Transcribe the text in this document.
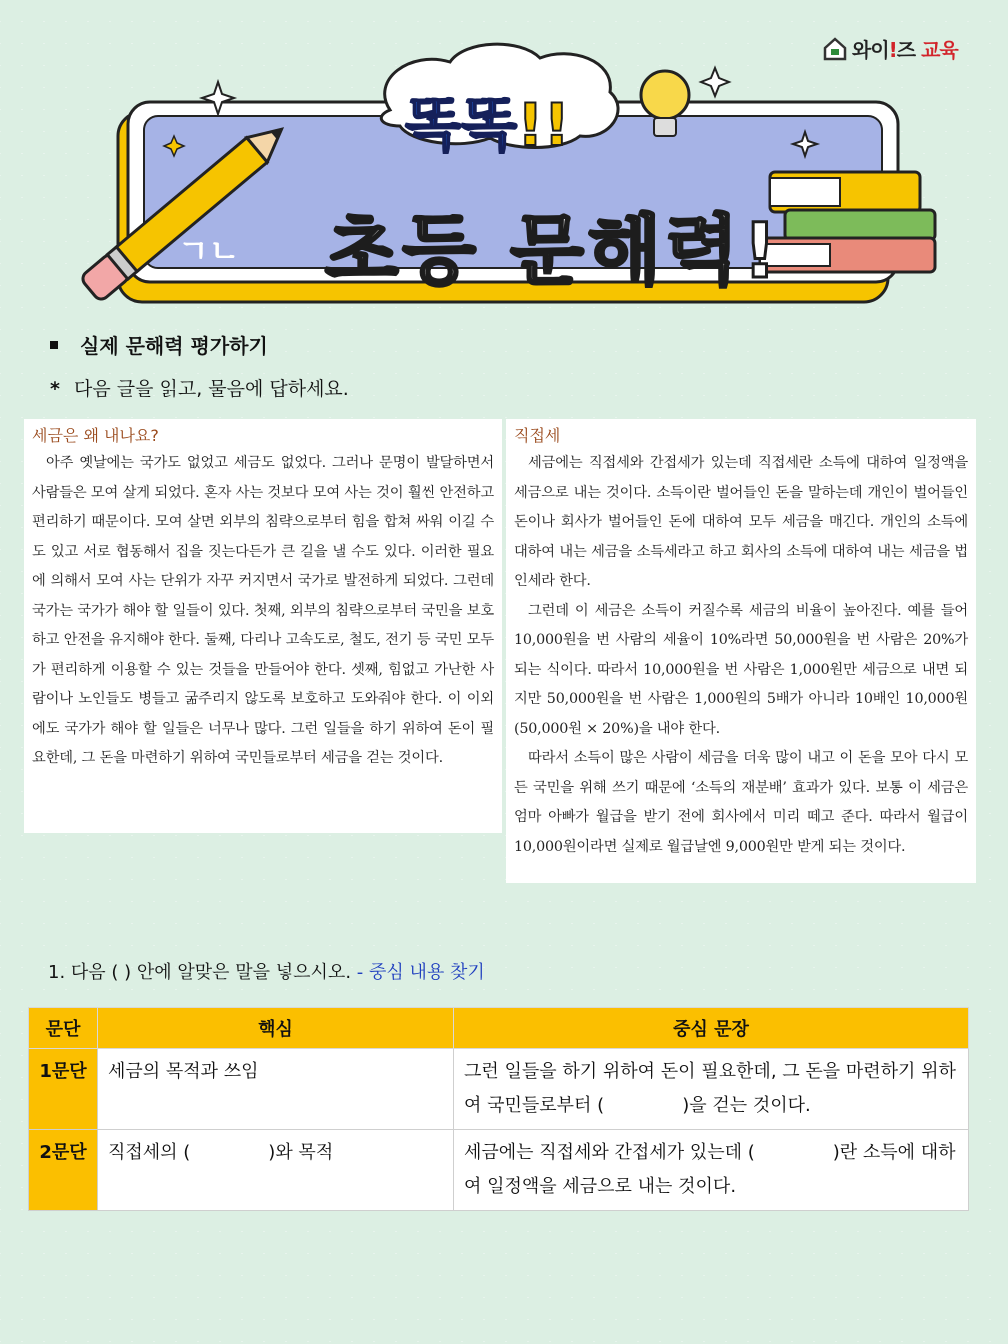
와이!즈 교육
똑똑!!
ㄱㄴ 초등 문해력!
실제 문해력 평가하기
* 다음 글을 읽고, 물음에 답하세요.
세금은 왜 내나요?

아주 옛날에는 국가도 없었고 세금도 없었다. 그러나 문명이 발달하면서 사람들은 모여 살게 되었다. 혼자 사는 것보다 모여 사는 것이 훨씬 안전하고 편리하기 때문이다. 모여 살면 외부의 침략으로부터 힘을 합쳐 싸워 이길 수도 있고 서로 협동해서 집을 짓는다든가 큰 길을 낼 수도 있다. 이러한 필요에 의해서 모여 사는 단위가 자꾸 커지면서 국가로 발전하게 되었다. 그런데 국가는 국가가 해야 할 일들이 있다. 첫째, 외부의 침략으로부터 국민을 보호하고 안전을 유지해야 한다. 둘째, 다리나 고속도로, 철도, 전기 등 국민 모두가 편리하게 이용할 수 있는 것들을 만들어야 한다. 셋째, 힘없고 가난한 사람이나 노인들도 병들고 굶주리지 않도록 보호하고 도와줘야 한다. 이 이외에도 국가가 해야 할 일들은 너무나 많다. 그런 일들을 하기 위하여 돈이 필요한데, 그 돈을 마련하기 위하여 국민들로부터 세금을 걷는 것이다.

직접세

세금에는 직접세와 간접세가 있는데 직접세란 소득에 대하여 일정액을 세금으로 내는 것이다. 소득이란 벌어들인 돈을 말하는데 개인이 벌어들인 돈이나 회사가 벌어들인 돈에 대하여 모두 세금을 매긴다. 개인의 소득에 대하여 내는 세금을 소득세라고 하고 회사의 소득에 대하여 내는 세금을 법인세라 한다.

그런데 이 세금은 소득이 커질수록 세금의 비율이 높아진다. 예를 들어 10,000원을 번 사람의 세율이 10%라면 50,000원을 번 사람은 20%가 되는 식이다. 따라서 10,000원을 번 사람은 1,000원만 세금으로 내면 되지만 50,000원을 번 사람은 1,000원의 5배가 아니라 10배인 10,000원(50,000원 × 20%)을 내야 한다.

따라서 소득이 많은 사람이 세금을 더욱 많이 내고 이 돈을 모아 다시 모든 국민을 위해 쓰기 때문에 ‘소득의 재분배’ 효과가 있다. 보통 이 세금은 엄마 아빠가 월급을 받기 전에 회사에서 미리 떼고 준다. 따라서 월급이 10,000원이라면 실제로 월급날엔 9,000원만 받게 되는 것이다.

1. 다음 ( ) 안에 알맞은 말을 넣으시오. - 중심 내용 찾기
문단	핵심	중심 문장
1문단	세금의 목적과 쓰임	그런 일들을 하기 위하여 돈이 필요한데, 그 돈을 마련하기 위하여 국민들로부터 ( )을 걷는 것이다.
2문단	직접세의 ( )와 목적	세금에는 직접세와 간접세가 있는데 ( )란 소득에 대하여 일정액을 세금으로 내는 것이다.
